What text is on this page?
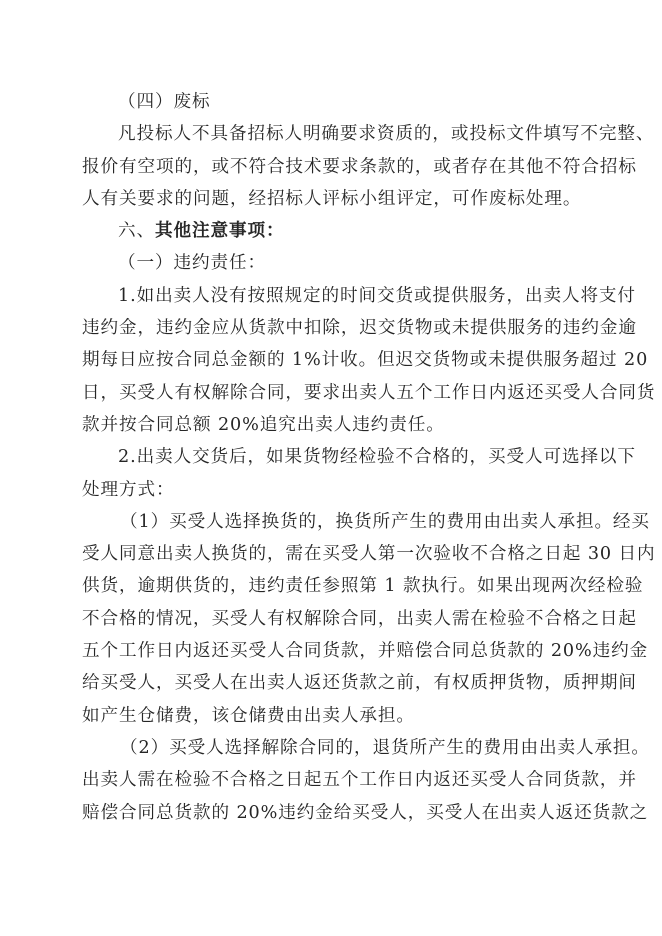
（四）废标
凡投标人不具备招标人明确要求资质的，或投标文件填写不完整、
报价有空项的，或不符合技术要求条款的，或者存在其他不符合招标
人有关要求的问题，经招标人评标小组评定，可作废标处理。
六、其他注意事项：
（一）违约责任：
1.如出卖人没有按照规定的时间交货或提供服务，出卖人将支付
违约金，违约金应从货款中扣除，迟交货物或未提供服务的违约金逾
期每日应按合同总金额的 1%计收。但迟交货物或未提供服务超过 20
日，买受人有权解除合同，要求出卖人五个工作日内返还买受人合同货
款并按合同总额 20%追究出卖人违约责任。
2.出卖人交货后，如果货物经检验不合格的，买受人可选择以下
处理方式：
（1）买受人选择换货的，换货所产生的费用由出卖人承担。经买
受人同意出卖人换货的，需在买受人第一次验收不合格之日起 30 日内
供货，逾期供货的，违约责任参照第 1 款执行。如果出现两次经检验
不合格的情况，买受人有权解除合同，出卖人需在检验不合格之日起
五个工作日内返还买受人合同货款，并赔偿合同总货款的 20%违约金
给买受人，买受人在出卖人返还货款之前，有权质押货物，质押期间
如产生仓储费，该仓储费由出卖人承担。
（2）买受人选择解除合同的，退货所产生的费用由出卖人承担。
出卖人需在检验不合格之日起五个工作日内返还买受人合同货款，并
赔偿合同总货款的 20%违约金给买受人，买受人在出卖人返还货款之
